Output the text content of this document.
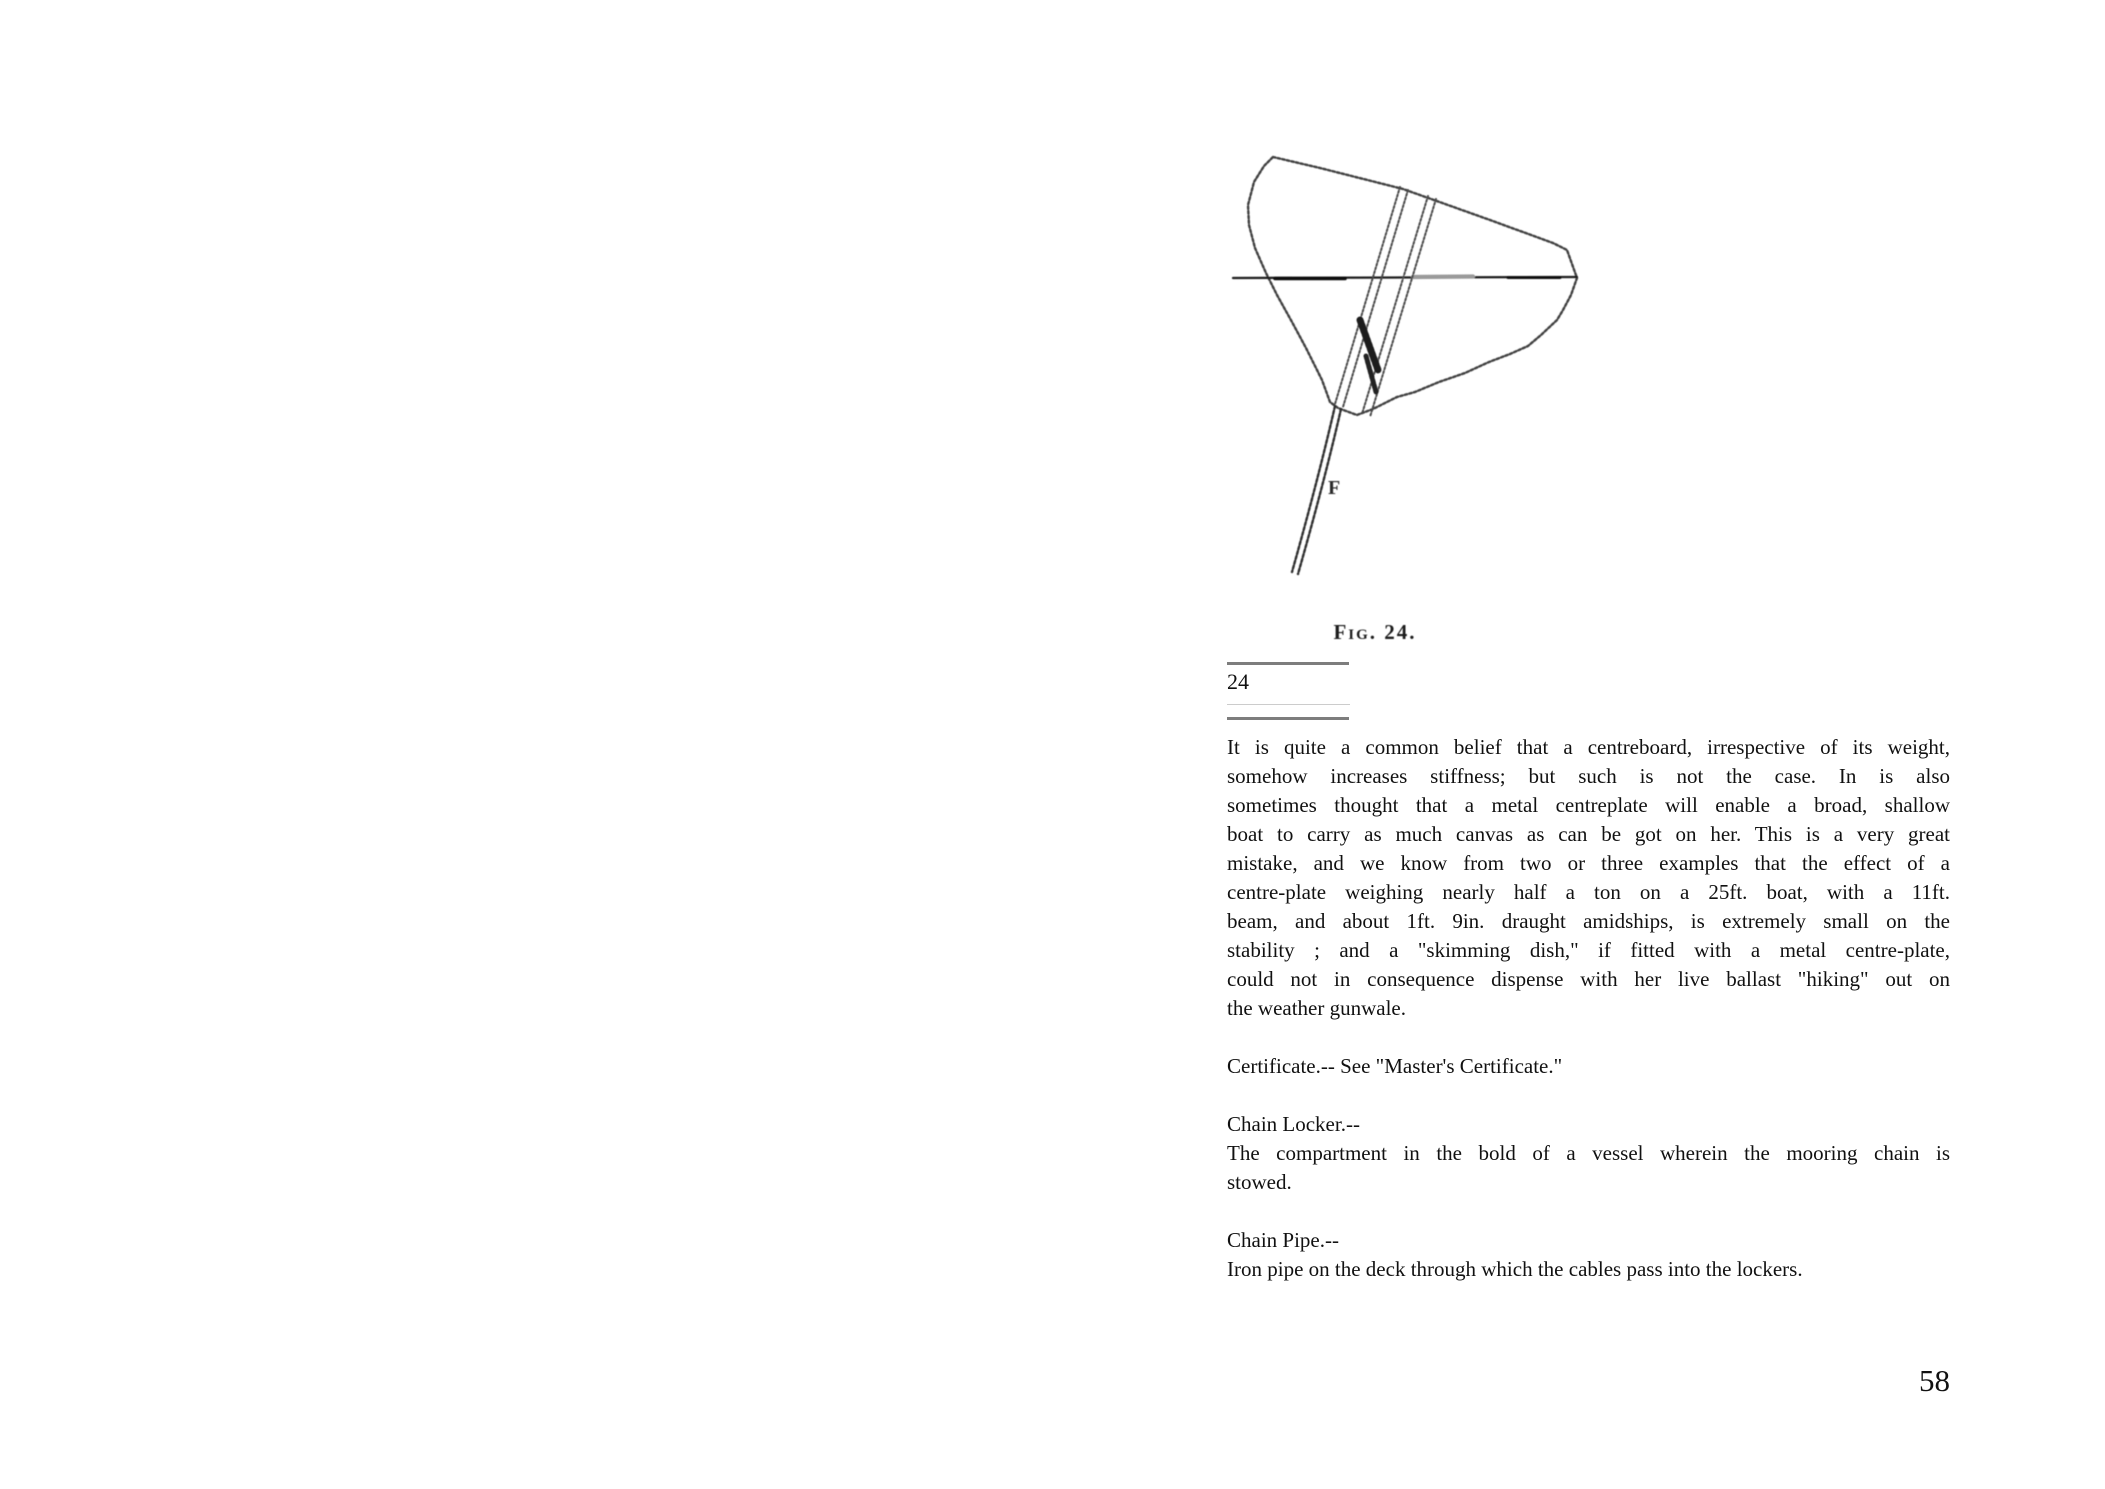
F
Fig. 24.
24
It is quite a common belief that a centreboard, irrespective of its weight,
somehow increases stiffness; but such is not the case. In is also
sometimes thought that a metal centreplate will enable a broad, shallow
boat to carry as much canvas as can be got on her. This is a very great
mistake, and we know from two or three examples that the effect of a
centre-plate weighing nearly half a ton on a 25ft. boat, with a 11ft.
beam, and about 1ft. 9in. draught amidships, is extremely small on the
stability ; and a "skimming dish," if fitted with a metal centre-plate,
could not in consequence dispense with her live ballast "hiking" out on
the weather gunwale.
Certificate.-- See "Master's Certificate."
Chain Locker.--
The compartment in the bold of a vessel wherein the mooring chain is
stowed.
Chain Pipe.--
Iron pipe on the deck through which the cables pass into the lockers.
58
